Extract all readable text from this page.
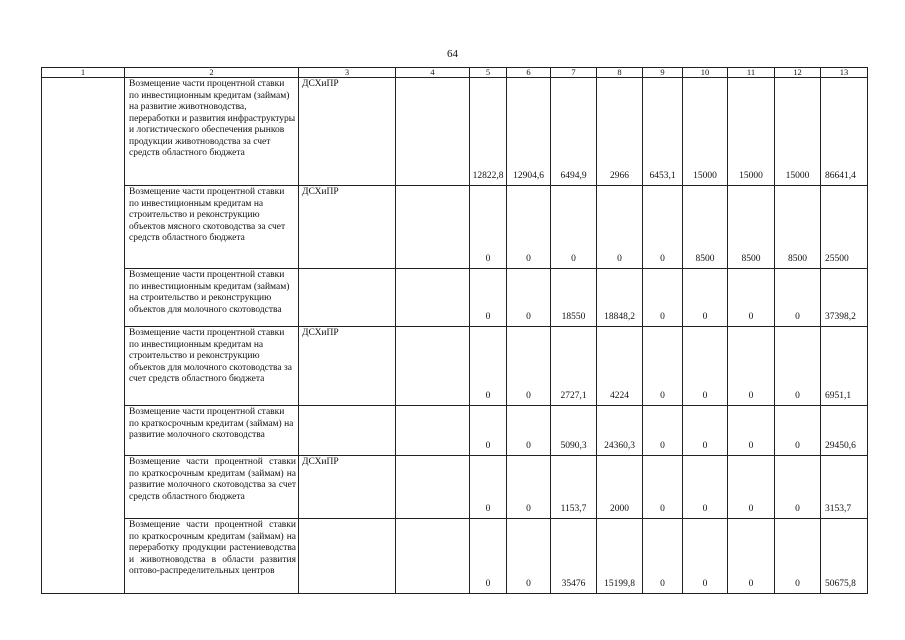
64
1	2	3	4	5	6	7	8	9	10	11	12	13
	Возмещение части процентной ставки по инвестиционным кредитам (займам) на развитие животноводства, переработки и развития инфраструктуры и логистического обеспечения рынков продукции животноводства за счет средств областного бюджета	ДСХиПР		12822,8	12904,6	6494,9	2966	6453,1	15000	15000	15000	86641,4
	Возмещение части процентной ставки по инвестиционным кредитам на строительство и реконструкцию объектов мясного скотоводства за счет средств областного бюджета	ДСХиПР		0	0	0	0	0	8500	8500	8500	25500
	Возмещение части процентной ставки по инвестиционным кредитам (займам) на строительство и реконструкцию объектов для молочного скотоводства			0	0	18550	18848,2	0	0	0	0	37398,2
	Возмещение части процентной ставки по инвестиционным кредитам на строительство и реконструкцию объектов для молочного скотоводства за счет средств областного бюджета	ДСХиПР		0	0	2727,1	4224	0	0	0	0	6951,1
	Возмещение части процентной ставки по краткосрочным кредитам (займам) на развитие молочного скотоводства			0	0	5090,3	24360,3	0	0	0	0	29450,6
	Возмещение части процентной ставки по краткосрочным кредитам (займам) на развитие молочного скотоводства за счет средств областного бюджета	ДСХиПР		0	0	1153,7	2000	0	0	0	0	3153,7
	Возмещение части процентной ставки по краткосрочным кредитам (займам) на переработку продукции растениеводства и животноводства в области развития оптово-распределительных центров			0	0	35476	15199,8	0	0	0	0	50675,8
